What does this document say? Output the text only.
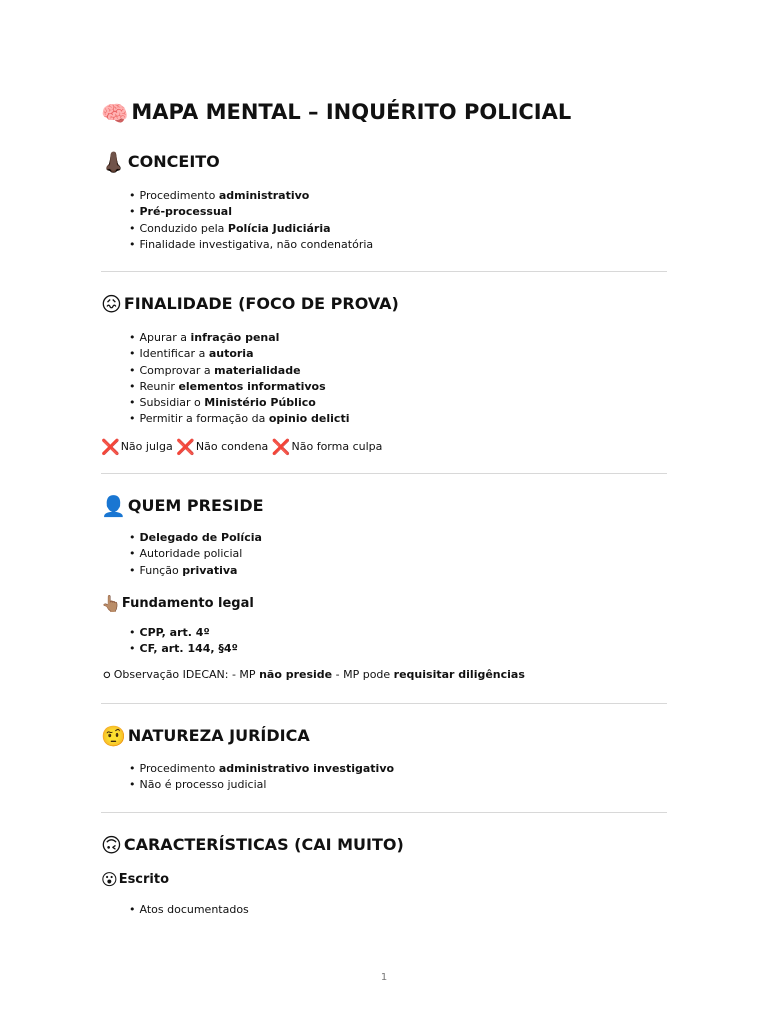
🧠 MAPA MENTAL – INQUÉRITO POLICIAL
👃🏿 CONCEITO
• Procedimento administrativo
• Pré-processual
• Conduzido pela Polícia Judiciária
• Finalidade investigativa, não condenatória
😖 FINALIDADE (FOCO DE PROVA)
• Apurar a infração penal
• Identificar a autoria
• Comprovar a materialidade
• Reunir elementos informativos
• Subsidiar o Ministério Público
• Permitir a formação da opinio delicti
❌Não julga ❌Não condena ❌Não forma culpa
👤 QUEM PRESIDE
• Delegado de Polícia
• Autoridade policial
• Função privativa
👆🏽Fundamento legal
• CPP, art. 4º
• CF, art. 144, §4º
⚪Observação IDECAN: - MP não preside - MP pode requisitar diligências
🤨 NATUREZA JURÍDICA
• Procedimento administrativo investigativo
• Não é processo judicial
🙃 CARACTERÍSTICAS (CAI MUITO)
😮Escrito
• Atos documentados
1
